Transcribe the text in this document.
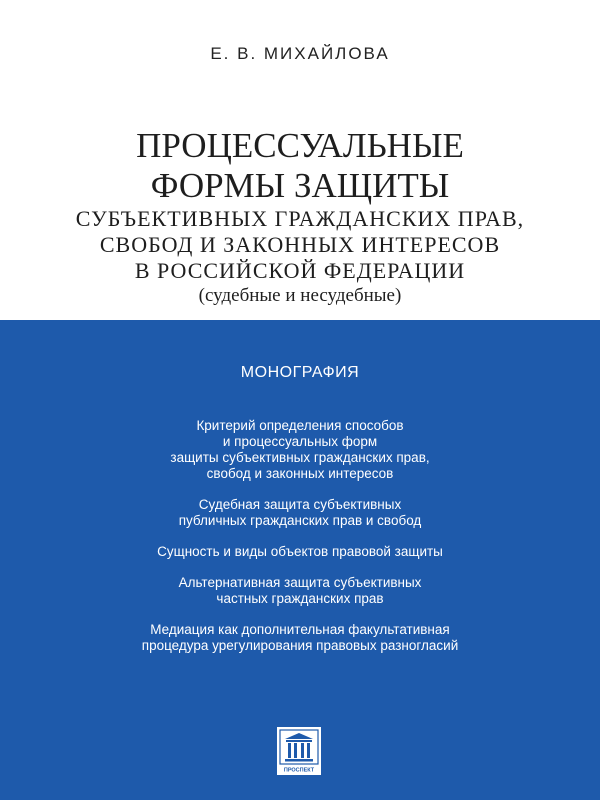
Е. В. МИХАЙЛОВА
ПРОЦЕССУАЛЬНЫЕ
ФОРМЫ ЗАЩИТЫ
СУБЪЕКТИВНЫХ ГРАЖДАНСКИХ ПРАВ,
СВОБОД И ЗАКОННЫХ ИНТЕРЕСОВ
В РОССИЙСКОЙ ФЕДЕРАЦИИ
(судебные и несудебные)
МОНОГРАФИЯ
Критерий определения способов
и процессуальных форм
защиты субъективных гражданских прав,
свобод и законных интересов
Судебная защита субъективных
публичных гражданских прав и свобод
Сущность и виды объектов правовой защиты
Альтернативная защита субъективных
частных гражданских прав
Медиация как дополнительная факультативная
процедура урегулирования правовых разногласий
ПРОСПЕКТ
